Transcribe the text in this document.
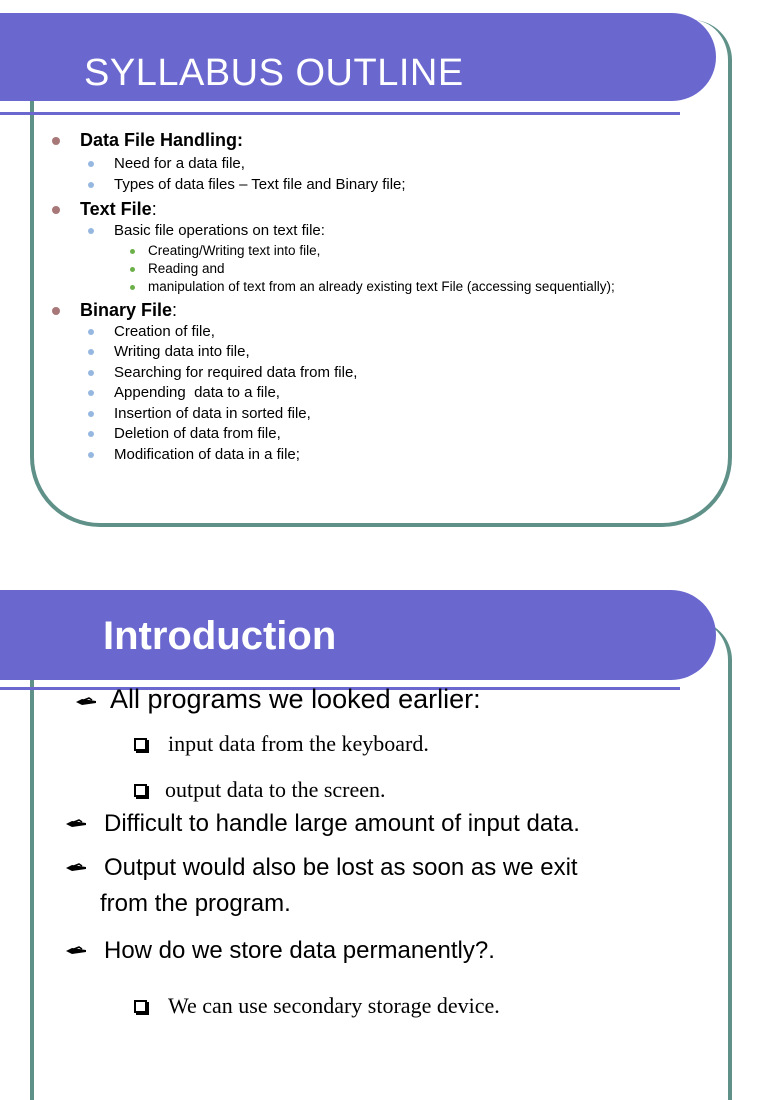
SYLLABUS OUTLINE
Data File Handling:
Need for a data file,
Types of data files – Text file and Binary file;
Text File:
Basic file operations on text file:
Creating/Writing text into file,
Reading and
manipulation of text from an already existing text File (accessing sequentially);
Binary File:
Creation of file,
Writing data into file,
Searching for required data from file,
Appending  data to a file,
Insertion of data in sorted file,
Deletion of data from file,
Modification of data in a file;
Introduction
All programs we looked earlier:
input data from the keyboard.
output data to the screen.
Difficult to handle large amount of input data.
Output would also be lost as soon as we exit
from the program.
How do we store data permanently?.
We can use secondary storage device.
